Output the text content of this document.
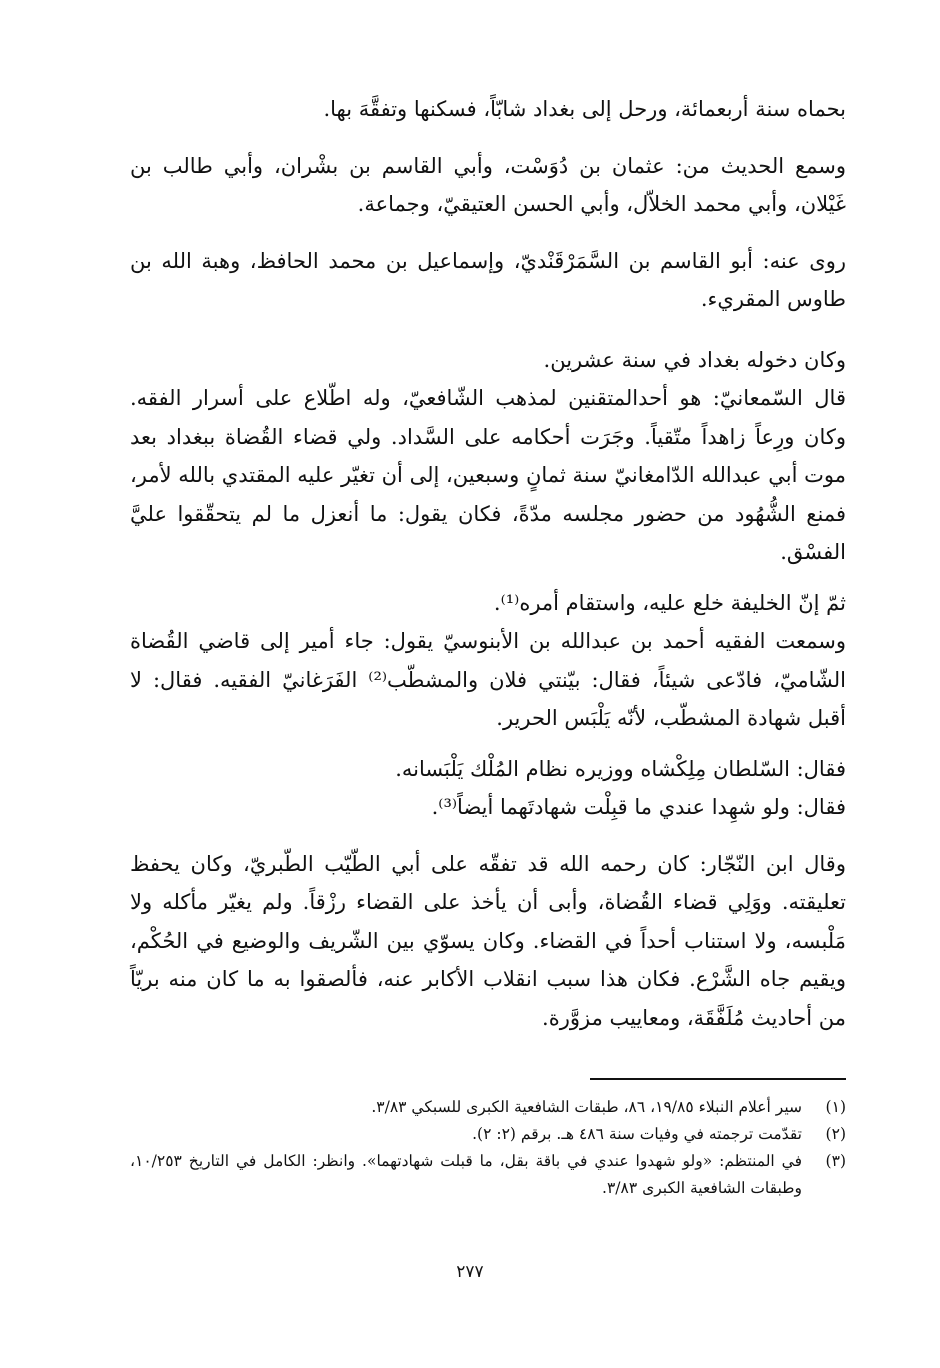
بحماه سنة أربعمائة، ورحل إلى بغداد شابّاً، فسكنها وتفقَّهَ بها.

وسمع الحديث من: عثمان بن دُوَسْت، وأبي القاسم بن بشْران، وأبي طالب بن غَيْلان، وأبي محمد الخلاّل، وأبي الحسن العتيقيّ، وجماعة.

روى عنه: أبو القاسم بن السَّمَرْقَنْديّ، وإسماعيل بن محمد الحافظ، وهبة الله بن طاوس المقريء.

وكان دخوله بغداد في سنة عشرين.

قال السّمعانيّ: هو أحدالمتقنين لمذهب الشّافعيّ، وله اطّلاع على أسرار الفقه. وكان ورِعاً زاهداً متّقياً. وجَرَت أحكامه على السَّداد. ولي قضاء القُضاة ببغداد بعد موت أبي عبدالله الدّامغانيّ سنة ثمانٍ وسبعين، إلى أن تغيّر عليه المقتدي بالله لأمر، فمنع الشُّهُود من حضور مجلسه مدّةً، فكان يقول: ما أنعزل ما لم يتحقّقوا عليَّ الفسْق.

ثمّ إنّ الخليفة خلع عليه، واستقام أمره⁽¹⁾.

وسمعت الفقيه أحمد بن عبدالله بن الأبنوسيّ يقول: جاء أمير إلى قاضي القُضاة الشّاميّ، فادّعى شيئاً، فقال: بيّنتي فلان والمشطّب⁽²⁾ الفَرَغانيّ الفقيه. فقال: لا أقبل شهادة المشطّب، لأنّه يَلْبَس الحرير.

فقال: السّلطان مِلِكْشاه ووزيره نظام المُلْك يَلْبَسانه.

فقال: ولو شهِدا عندي ما قبِلْت شهادتَهما أيضاً⁽³⁾.

وقال ابن النّجّار: كان رحمه الله قد تفقّه على أبي الطّيّب الطّبريّ، وكان يحفظ تعليقته. ووَلِي قضاء القُضاة، وأبى أن يأخذ على القضاء رزْقاً. ولم يغيّر مأكله ولا مَلْبسه، ولا استناب أحداً في القضاء. وكان يسوّي بين الشّريف والوضيع في الحُكْم، ويقيم جاه الشَّرْع. فكان هذا سبب انقلاب الأكابر عنه، فألصقوا به ما كان منه بريّاً من أحاديث مُلَفَّقَة، ومعاييب مزوَّرة.

(١)
سير أعلام النبلاء ١٩/٨٥، ٨٦، طبقات الشافعية الكبرى للسبكي ٣/٨٣.
(٢)
تقدّمت ترجمته في وفيات سنة ٤٨٦ هـ. برقم (٢: ٢).
(٣)
في المنتظم: «ولو شهدوا عندي في باقة بقل، ما قبلت شهادتهما». وانظر: الكامل في التاريخ ١٠/٢٥٣، وطبقات الشافعية الكبرى ٣/٨٣.
٢٧٧
